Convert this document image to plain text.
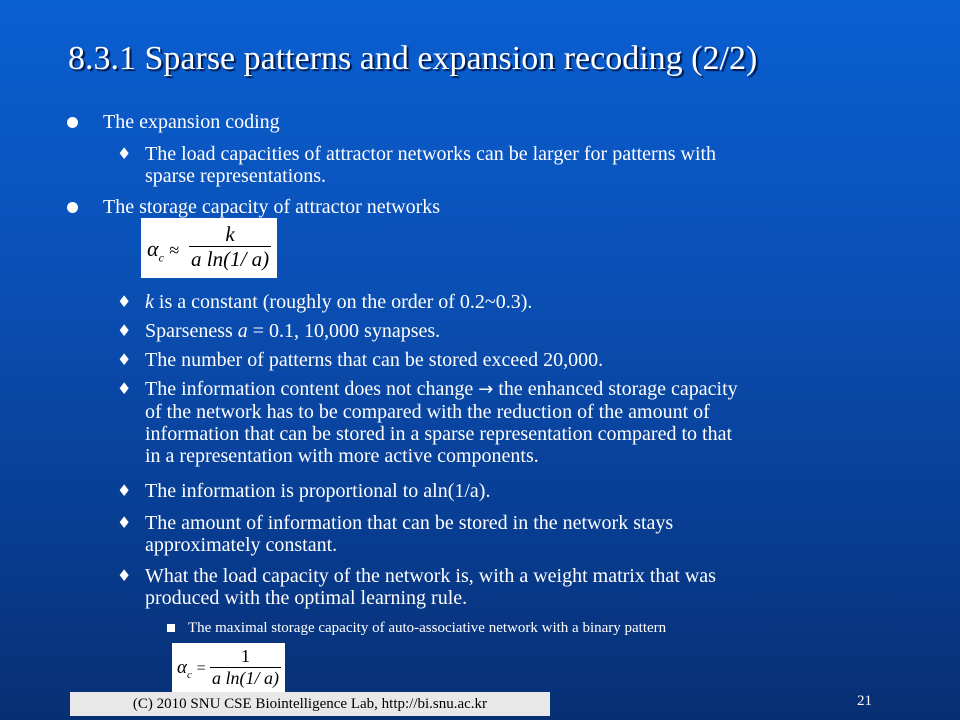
8.3.1 Sparse patterns and expansion recoding (2/2)
The expansion coding
♦ The load capacities of attractor networks can be larger for patterns with
sparse representations.
The storage capacity of attractor networks
$\alpha_c \approx \frac{k}{\text{a ln(1/ a)}}$
♦ k is a constant (roughly on the order of 0.2~0.3).
♦ Sparseness a = 0.1, 10,000 synapses.
♦ The number of patterns that can be stored exceed 20,000.
♦ The information content does not change → the enhanced storage capacity
of the network has to be compared with the reduction of the amount of
information that can be stored in a sparse representation compared to that
in a representation with more active components.
♦ The information is proportional to aln(1/a).
♦ The amount of information that can be stored in the network stays
approximately constant.
♦ What the load capacity of the network is, with a weight matrix that was
produced with the optimal learning rule.
The maximal storage capacity of auto-associative network with a binary pattern
$\alpha_c = \frac{1}{\text{a ln(1/ a)}}$
(C) 2010 SNU CSE Biointelligence Lab, http://bi.snu.ac.kr	21
